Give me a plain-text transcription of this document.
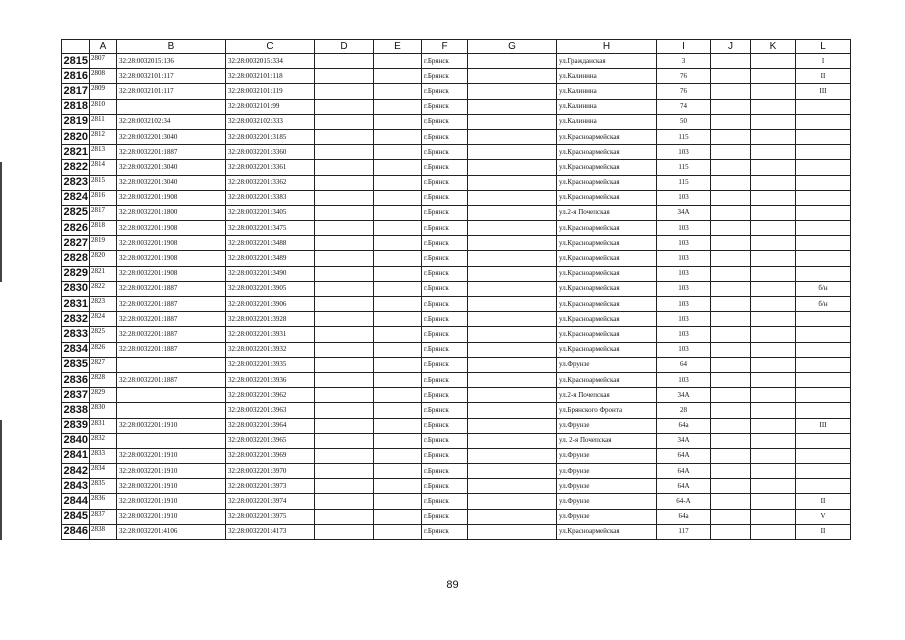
	A	B	C	D	E	F	G	H	I	J	K	L
2815	2807	32:28:0032015:136	32:28:0032015:334			г.Брянск		ул.Гражданская	3			I
2816	2808	32:28:0032101:117	32:28:0032101:118			г.Брянск		ул.Калинина	76			II
2817	2809	32:28:0032101:117	32:28:0032101:119			г.Брянск		ул.Калинина	76			III
2818	2810		32:28:0032101:99			г.Брянск		ул.Калинина	74			
2819	2811	32:28:0032102:34	32:28:0032102:333			г.Брянск		ул.Калинина	50			
2820	2812	32:28:0032201:3040	32:28:0032201:3185			г.Брянск		ул.Красноармейская	115			
2821	2813	32:28:0032201:1887	32:28:0032201:3360			г.Брянск		ул.Красноармейская	103			
2822	2814	32:28:0032201:3040	32:28:0032201:3361			г.Брянск		ул.Красноармейская	115			
2823	2815	32:28:0032201:3040	32:28:0032201:3362			г.Брянск		ул.Красноармейская	115			
2824	2816	32:28:0032201:1908	32:28:0032201:3383			г.Брянск		ул.Красноармейская	103			
2825	2817	32:28:0032201:1800	32:28:0032201:3405			г.Брянск		ул.2-я Почепская	34А			
2826	2818	32:28:0032201:1908	32:28:0032201:3475			г.Брянск		ул.Красноармейская	103			
2827	2819	32:28:0032201:1908	32:28:0032201:3488			г.Брянск		ул.Красноармейская	103			
2828	2820	32:28:0032201:1908	32:28:0032201:3489			г.Брянск		ул.Красноармейская	103			
2829	2821	32:28:0032201:1908	32:28:0032201:3490			г.Брянск		ул.Красноармейская	103			
2830	2822	32:28:0032201:1887	32:28:0032201:3905			г.Брянск		ул.Красноармейская	103			б/н
2831	2823	32:28:0032201:1887	32:28:0032201:3906			г.Брянск		ул.Красноармейская	103			б/н
2832	2824	32:28:0032201:1887	32:28:0032201:3928			г.Брянск		ул.Красноармейская	103			
2833	2825	32:28:0032201:1887	32:28:0032201:3931			г.Брянск		ул.Красноармейская	103			
2834	2826	32:28:0032201:1887	32:28:0032201:3932			г.Брянск		ул.Красноармейская	103			
2835	2827		32:28:0032201:3935			г.Брянск		ул.Фрунзе	64			
2836	2828	32:28:0032201:1887	32:28:0032201:3936			г.Брянск		ул.Красноармейская	103			
2837	2829		32:28:0032201:3962			г.Брянск		ул.2-я Почепская	34А			
2838	2830		32:28:0032201:3963			г.Брянск		ул.Брянского Фронта	28			
2839	2831	32:28:0032201:1910	32:28:0032201:3964			г.Брянск		ул.Фрунзе	64а			III
2840	2832		32:28:0032201:3965			г.Брянск		ул. 2-я Почепская	34А			
2841	2833	32:28:0032201:1910	32:28:0032201:3969			г.Брянск		ул.Фрунзе	64А			
2842	2834	32:28:0032201:1910	32:28:0032201:3970			г.Брянск		ул.Фрунзе	64А			
2843	2835	32:28:0032201:1910	32:28:0032201:3973			г.Брянск		ул.Фрунзе	64А			
2844	2836	32:28:0032201:1910	32:28:0032201:3974			г.Брянск		ул.Фрунзе	64-А			II
2845	2837	32:28:0032201:1910	32:28:0032201:3975			г.Брянск		ул.Фрунзе	64а			V
2846	2838	32:28:0032201:4106	32:28:0032201:4173			г.Брянск		ул.Красноармейская	117			II
89
